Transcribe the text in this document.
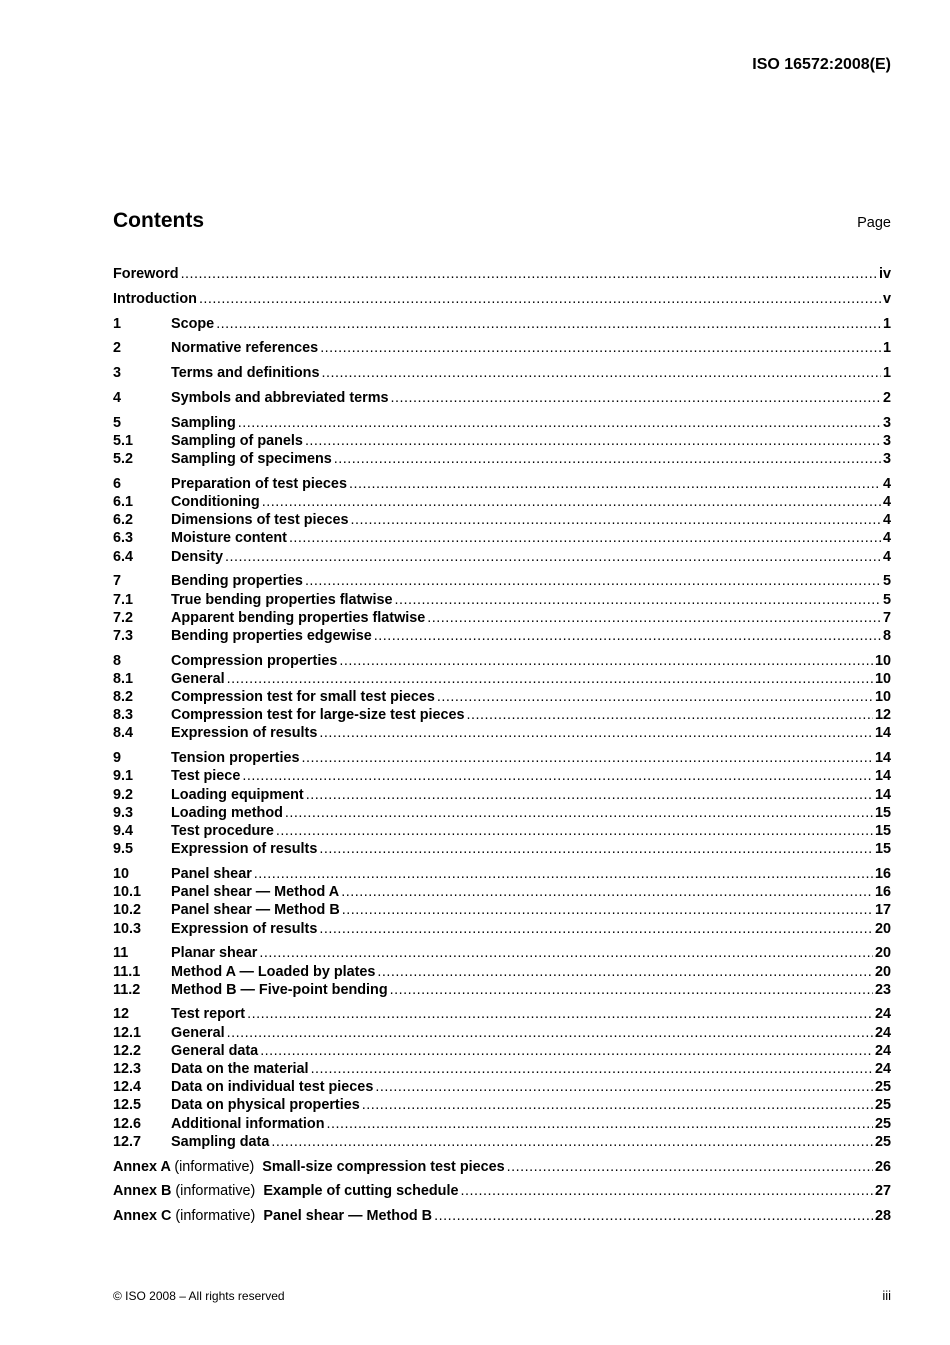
ISO 16572:2008(E)
Contents	Page
Foreword .....	iv
Introduction .....	v
1	Scope .....	1
2	Normative references .....	1
3	Terms and definitions .....	1
4	Symbols and abbreviated terms .....	2
5	Sampling .....	3
5.1	Sampling of panels .....	3
5.2	Sampling of specimens .....	3
6	Preparation of test pieces .....	4
6.1	Conditioning .....	4
6.2	Dimensions of test pieces .....	4
6.3	Moisture content .....	4
6.4	Density .....	4
7	Bending properties .....	5
7.1	True bending properties flatwise .....	5
7.2	Apparent bending properties flatwise .....	7
7.3	Bending properties edgewise .....	8
8	Compression properties .....	10
8.1	General .....	10
8.2	Compression test for small test pieces .....	10
8.3	Compression test for large-size test pieces .....	12
8.4	Expression of results .....	14
9	Tension properties .....	14
9.1	Test piece .....	14
9.2	Loading equipment .....	14
9.3	Loading method .....	15
9.4	Test procedure .....	15
9.5	Expression of results .....	15
10	Panel shear .....	16
10.1	Panel shear — Method A .....	16
10.2	Panel shear — Method B .....	17
10.3	Expression of results .....	20
11	Planar shear .....	20
11.1	Method A — Loaded by plates .....	20
11.2	Method B — Five-point bending .....	23
12	Test report .....	24
12.1	General .....	24
12.2	General data .....	24
12.3	Data on the material .....	24
12.4	Data on individual test pieces .....	25
12.5	Data on physical properties .....	25
12.6	Additional information .....	25
12.7	Sampling data .....	25
Annex A (informative) Small-size compression test pieces .....	26
Annex B (informative) Example of cutting schedule .....	27
Annex C (informative) Panel shear — Method B .....	28
© ISO 2008 – All rights reserved	iii
